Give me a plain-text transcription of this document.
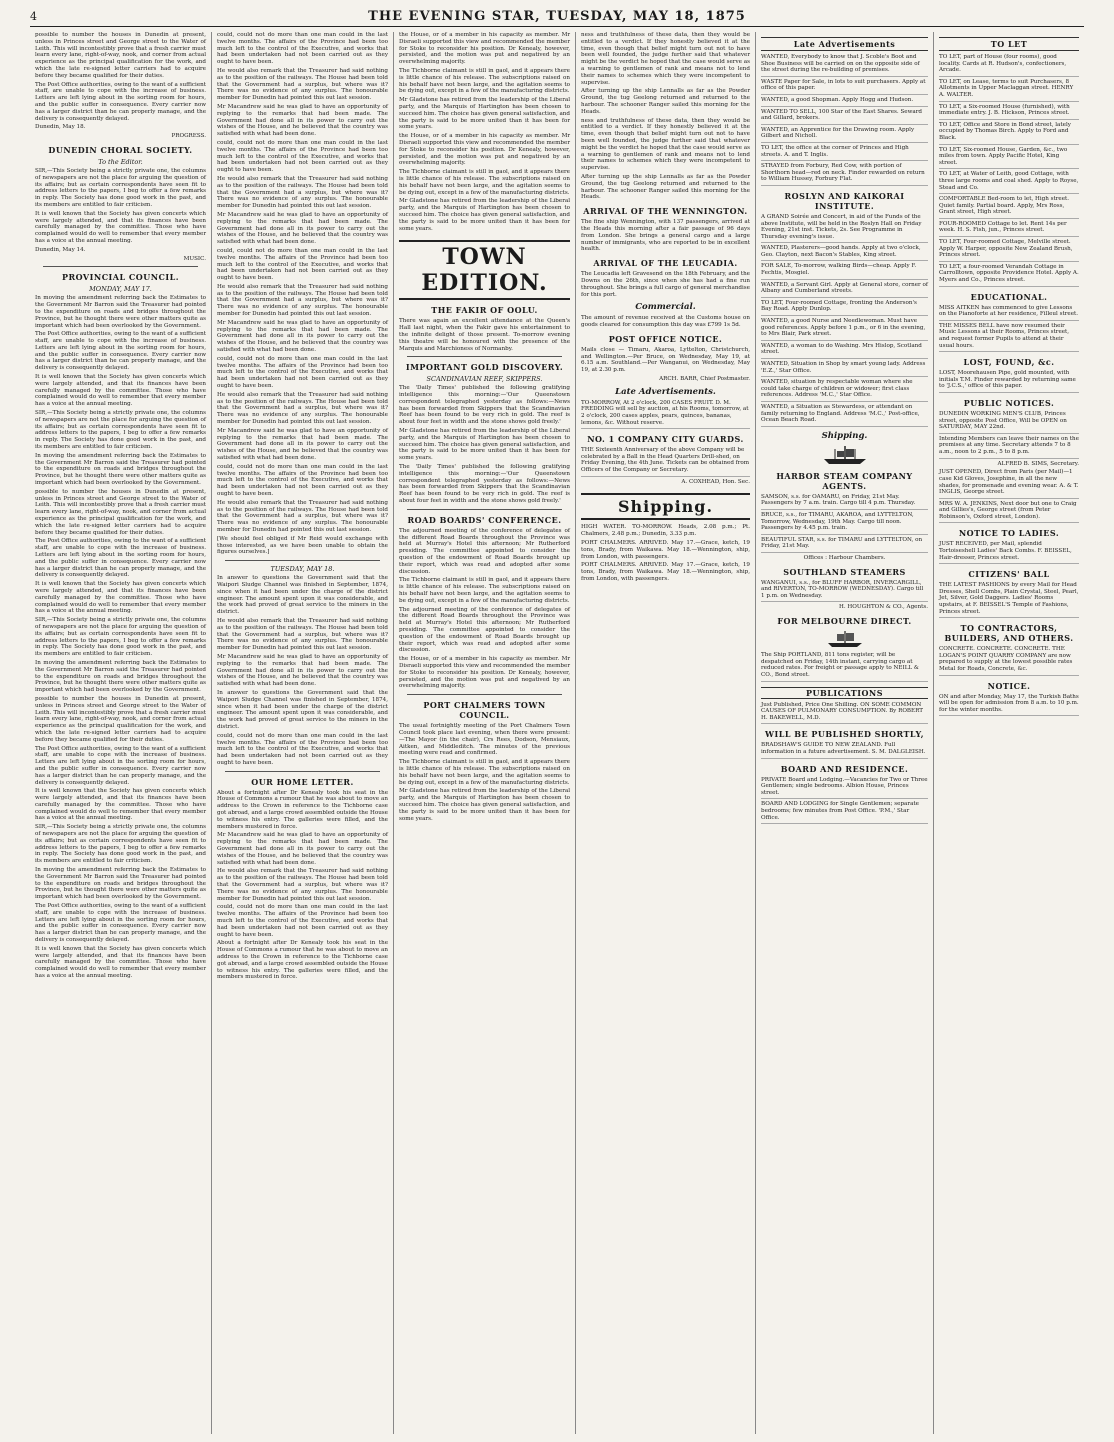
4	THE EVENING STAR, TUESDAY, MAY 18, 1875

possible to number the houses in Dunedin at present, unless in Princes street and George street to the Water of Leith. This will incontestibly prove that a fresh carrier must learn every lane, right-of-way, nook, and corner from actual experience as the principal qualification for the work, and which the late re-signed letter carriers had to acquire before they became qualified for their duties.

The Post Office authorities, owing to the want of a sufficient staff, are unable to cope with the increase of business. Letters are left lying about in the sorting room for hours, and the public suffer in consequence. Every carrier now has a larger district than he can properly manage, and the delivery is consequently delayed.

Dunedin, May 18.

PROGRESS.

DUNEDIN CHORAL SOCIETY.
To the Editor.

SIR,—This Society being a strictly private one, the columns of newspapers are not the place for arguing the question of its affairs; but as certain correspondents have seen fit to address letters to the papers, I beg to offer a few remarks in reply. The Society has done good work in the past, and its members are entitled to fair criticism.

It is well known that the Society has given concerts which were largely attended, and that its finances have been carefully managed by the committee. Those who have complained would do well to remember that every member has a voice at the annual meeting.

Dunedin, May 14.

MUSIC.

PROVINCIAL COUNCIL.
MONDAY, MAY 17.

In moving the amendment referring back the Estimates to the Government Mr Barron said the Treasurer had pointed to the expenditure on roads and bridges throughout the Province, but he thought there were other matters quite as important which had been overlooked by the Government.

The Post Office authorities, owing to the want of a sufficient staff, are unable to cope with the increase of business. Letters are left lying about in the sorting room for hours, and the public suffer in consequence. Every carrier now has a larger district than he can properly manage, and the delivery is consequently delayed.

It is well known that the Society has given concerts which were largely attended, and that its finances have been carefully managed by the committee. Those who have complained would do well to remember that every member has a voice at the annual meeting.

SIR,—This Society being a strictly private one, the columns of newspapers are not the place for arguing the question of its affairs; but as certain correspondents have seen fit to address letters to the papers, I beg to offer a few remarks in reply. The Society has done good work in the past, and its members are entitled to fair criticism.

In moving the amendment referring back the Estimates to the Government Mr Barron said the Treasurer had pointed to the expenditure on roads and bridges throughout the Province, but he thought there were other matters quite as important which had been overlooked by the Government.

possible to number the houses in Dunedin at present, unless in Princes street and George street to the Water of Leith. This will incontestibly prove that a fresh carrier must learn every lane, right-of-way, nook, and corner from actual experience as the principal qualification for the work, and which the late re-signed letter carriers had to acquire before they became qualified for their duties.

The Post Office authorities, owing to the want of a sufficient staff, are unable to cope with the increase of business. Letters are left lying about in the sorting room for hours, and the public suffer in consequence. Every carrier now has a larger district than he can properly manage, and the delivery is consequently delayed.

It is well known that the Society has given concerts which were largely attended, and that its finances have been carefully managed by the committee. Those who have complained would do well to remember that every member has a voice at the annual meeting.

SIR,—This Society being a strictly private one, the columns of newspapers are not the place for arguing the question of its affairs; but as certain correspondents have seen fit to address letters to the papers, I beg to offer a few remarks in reply. The Society has done good work in the past, and its members are entitled to fair criticism.

In moving the amendment referring back the Estimates to the Government Mr Barron said the Treasurer had pointed to the expenditure on roads and bridges throughout the Province, but he thought there were other matters quite as important which had been overlooked by the Government.

possible to number the houses in Dunedin at present, unless in Princes street and George street to the Water of Leith. This will incontestibly prove that a fresh carrier must learn every lane, right-of-way, nook, and corner from actual experience as the principal qualification for the work, and which the late re-signed letter carriers had to acquire before they became qualified for their duties.

The Post Office authorities, owing to the want of a sufficient staff, are unable to cope with the increase of business. Letters are left lying about in the sorting room for hours, and the public suffer in consequence. Every carrier now has a larger district than he can properly manage, and the delivery is consequently delayed.

It is well known that the Society has given concerts which were largely attended, and that its finances have been carefully managed by the committee. Those who have complained would do well to remember that every member has a voice at the annual meeting.

SIR,—This Society being a strictly private one, the columns of newspapers are not the place for arguing the question of its affairs; but as certain correspondents have seen fit to address letters to the papers, I beg to offer a few remarks in reply. The Society has done good work in the past, and its members are entitled to fair criticism.

In moving the amendment referring back the Estimates to the Government Mr Barron said the Treasurer had pointed to the expenditure on roads and bridges throughout the Province, but he thought there were other matters quite as important which had been overlooked by the Government.

The Post Office authorities, owing to the want of a sufficient staff, are unable to cope with the increase of business. Letters are left lying about in the sorting room for hours, and the public suffer in consequence. Every carrier now has a larger district than he can properly manage, and the delivery is consequently delayed.

It is well known that the Society has given concerts which were largely attended, and that its finances have been carefully managed by the committee. Those who have complained would do well to remember that every member has a voice at the annual meeting.

could, could not do more than one man could in the last twelve months. The affairs of the Province had been too much left to the control of the Executive, and works that had been undertaken had not been carried out as they ought to have been.

He would also remark that the Treasurer had said nothing as to the position of the railways. The House had been told that the Government had a surplus, but where was it? There was no evidence of any surplus. The honourable member for Dunedin had pointed this out last session.

Mr Macandrew said he was glad to have an opportunity of replying to the remarks that had been made. The Government had done all in its power to carry out the wishes of the House, and he believed that the country was satisfied with what had been done.

could, could not do more than one man could in the last twelve months. The affairs of the Province had been too much left to the control of the Executive, and works that had been undertaken had not been carried out as they ought to have been.

He would also remark that the Treasurer had said nothing as to the position of the railways. The House had been told that the Government had a surplus, but where was it? There was no evidence of any surplus. The honourable member for Dunedin had pointed this out last session.

Mr Macandrew said he was glad to have an opportunity of replying to the remarks that had been made. The Government had done all in its power to carry out the wishes of the House, and he believed that the country was satisfied with what had been done.

could, could not do more than one man could in the last twelve months. The affairs of the Province had been too much left to the control of the Executive, and works that had been undertaken had not been carried out as they ought to have been.

He would also remark that the Treasurer had said nothing as to the position of the railways. The House had been told that the Government had a surplus, but where was it? There was no evidence of any surplus. The honourable member for Dunedin had pointed this out last session.

Mr Macandrew said he was glad to have an opportunity of replying to the remarks that had been made. The Government had done all in its power to carry out the wishes of the House, and he believed that the country was satisfied with what had been done.

could, could not do more than one man could in the last twelve months. The affairs of the Province had been too much left to the control of the Executive, and works that had been undertaken had not been carried out as they ought to have been.

He would also remark that the Treasurer had said nothing as to the position of the railways. The House had been told that the Government had a surplus, but where was it? There was no evidence of any surplus. The honourable member for Dunedin had pointed this out last session.

Mr Macandrew said he was glad to have an opportunity of replying to the remarks that had been made. The Government had done all in its power to carry out the wishes of the House, and he believed that the country was satisfied with what had been done.

could, could not do more than one man could in the last twelve months. The affairs of the Province had been too much left to the control of the Executive, and works that had been undertaken had not been carried out as they ought to have been.

He would also remark that the Treasurer had said nothing as to the position of the railways. The House had been told that the Government had a surplus, but where was it? There was no evidence of any surplus. The honourable member for Dunedin had pointed this out last session.

[We should feel obliged if Mr Reid would exchange with those interested, as we have been unable to obtain the figures ourselves.]

TUESDAY, MAY 18.

In answer to questions the Government said that the Waipori Sludge Channel was finished in September, 1874, since when it had been under the charge of the district engineer. The amount spent upon it was considerable, and the work had proved of great service to the miners in the district.

He would also remark that the Treasurer had said nothing as to the position of the railways. The House had been told that the Government had a surplus, but where was it? There was no evidence of any surplus. The honourable member for Dunedin had pointed this out last session.

Mr Macandrew said he was glad to have an opportunity of replying to the remarks that had been made. The Government had done all in its power to carry out the wishes of the House, and he believed that the country was satisfied with what had been done.

In answer to questions the Government said that the Waipori Sludge Channel was finished in September, 1874, since when it had been under the charge of the district engineer. The amount spent upon it was considerable, and the work had proved of great service to the miners in the district.

could, could not do more than one man could in the last twelve months. The affairs of the Province had been too much left to the control of the Executive, and works that had been undertaken had not been carried out as they ought to have been.

OUR HOME LETTER.

About a fortnight after Dr Kenealy took his seat in the House of Commons a rumour that he was about to move an address to the Crown in reference to the Tichborne case got abroad, and a large crowd assembled outside the House to witness his entry. The galleries were filled, and the members mustered in force.

Mr Macandrew said he was glad to have an opportunity of replying to the remarks that had been made. The Government had done all in its power to carry out the wishes of the House, and he believed that the country was satisfied with what had been done.

He would also remark that the Treasurer had said nothing as to the position of the railways. The House had been told that the Government had a surplus, but where was it? There was no evidence of any surplus. The honourable member for Dunedin had pointed this out last session.

could, could not do more than one man could in the last twelve months. The affairs of the Province had been too much left to the control of the Executive, and works that had been undertaken had not been carried out as they ought to have been.

About a fortnight after Dr Kenealy took his seat in the House of Commons a rumour that he was about to move an address to the Crown in reference to the Tichborne case got abroad, and a large crowd assembled outside the House to witness his entry. The galleries were filled, and the members mustered in force.

the House, or of a member in his capacity as member. Mr Disraeli supported this view and recommended the member for Stoke to reconsider his position. Dr Kenealy, however, persisted, and the motion was put and negatived by an overwhelming majority.

The Tichborne claimant is still in gaol, and it appears there is little chance of his release. The subscriptions raised on his behalf have not been large, and the agitation seems to be dying out, except in a few of the manufacturing districts.

Mr Gladstone has retired from the leadership of the Liberal party, and the Marquis of Hartington has been chosen to succeed him. The choice has given general satisfaction, and the party is said to be more united than it has been for some years.

the House, or of a member in his capacity as member. Mr Disraeli supported this view and recommended the member for Stoke to reconsider his position. Dr Kenealy, however, persisted, and the motion was put and negatived by an overwhelming majority.

The Tichborne claimant is still in gaol, and it appears there is little chance of his release. The subscriptions raised on his behalf have not been large, and the agitation seems to be dying out, except in a few of the manufacturing districts.

Mr Gladstone has retired from the leadership of the Liberal party, and the Marquis of Hartington has been chosen to succeed him. The choice has given general satisfaction, and the party is said to be more united than it has been for some years.

TOWN EDITION.
THE FAKIR OF OOLU.

There was again an excellent attendance at the Queen's Hall last night, when the Fakir gave his entertainment to the infinite delight of those present. To-morrow evening this theatre will be honoured with the presence of the Marquis and Marchioness of Normanby.

IMPORTANT GOLD DISCOVERY.
SCANDINAVIAN REEF, SKIPPERS.

The 'Daily Times' published the following gratifying intelligence this morning:—'Our Queenstown correspondent telegraphed yesterday as follows:—News has been forwarded from Skippers that the Scandinavian Reef has been found to be very rich in gold. The reef is about four feet in width and the stone shows gold freely.'

Mr Gladstone has retired from the leadership of the Liberal party, and the Marquis of Hartington has been chosen to succeed him. The choice has given general satisfaction, and the party is said to be more united than it has been for some years.

The 'Daily Times' published the following gratifying intelligence this morning:—'Our Queenstown correspondent telegraphed yesterday as follows:—News has been forwarded from Skippers that the Scandinavian Reef has been found to be very rich in gold. The reef is about four feet in width and the stone shows gold freely.'

ROAD BOARDS' CONFERENCE.

The adjourned meeting of the conference of delegates of the different Road Boards throughout the Province was held at Murray's Hotel this afternoon; Mr Rutherford presiding. The committee appointed to consider the question of the endowment of Road Boards brought up their report, which was read and adopted after some discussion.

The Tichborne claimant is still in gaol, and it appears there is little chance of his release. The subscriptions raised on his behalf have not been large, and the agitation seems to be dying out, except in a few of the manufacturing districts.

The adjourned meeting of the conference of delegates of the different Road Boards throughout the Province was held at Murray's Hotel this afternoon; Mr Rutherford presiding. The committee appointed to consider the question of the endowment of Road Boards brought up their report, which was read and adopted after some discussion.

the House, or of a member in his capacity as member. Mr Disraeli supported this view and recommended the member for Stoke to reconsider his position. Dr Kenealy, however, persisted, and the motion was put and negatived by an overwhelming majority.

PORT CHALMERS TOWN COUNCIL.

The usual fortnightly meeting of the Port Chalmers Town Council took place last evening, when there were present:—The Mayor (in the chair), Crs Rees, Dodson, Mensiaux, Aitken, and Middleditch. The minutes of the previous meeting were read and confirmed.

The Tichborne claimant is still in gaol, and it appears there is little chance of his release. The subscriptions raised on his behalf have not been large, and the agitation seems to be dying out, except in a few of the manufacturing districts.

Mr Gladstone has retired from the leadership of the Liberal party, and the Marquis of Hartington has been chosen to succeed him. The choice has given general satisfaction, and the party is said to be more united than it has been for some years.

ness and truthfulness of these data, then they would be entitled to a verdict. If they honestly believed it at the time, even though that belief might turn out not to have been well founded, the judge further said that whatever might be the verdict he hoped that the case would serve as a warning to gentlemen of rank and means not to lend their names to schemes which they were incompetent to supervise.

After turning up the ship Lennalls as far as the Powder Ground, the tug Geelong returned and returned to the harbour. The schooner Ranger sailed this morning for the Heads.

ness and truthfulness of these data, then they would be entitled to a verdict. If they honestly believed it at the time, even though that belief might turn out not to have been well founded, the judge further said that whatever might be the verdict he hoped that the case would serve as a warning to gentlemen of rank and means not to lend their names to schemes which they were incompetent to supervise.

After turning up the ship Lennalls as far as the Powder Ground, the tug Geelong returned and returned to the harbour. The schooner Ranger sailed this morning for the Heads.

ARRIVAL OF THE WENNINGTON.

The fine ship Wennington, with 137 passengers, arrived at the Heads this morning after a fair passage of 96 days from London. She brings a general cargo and a large number of immigrants, who are reported to be in excellent health.

ARRIVAL OF THE LEUCADIA.

The Leucadia left Gravesend on the 18th February, and the Downs on the 26th, since when she has had a fine run throughout. She brings a full cargo of general merchandise for this port.

Commercial.

The amount of revenue received at the Customs house on goods cleared for consumption this day was £799 1s 5d.

POST OFFICE NOTICE.

Mails close — Timaru, Akaroa, Lyttelton, Christchurch, and Wellington.—Per Bruce, on Wednesday, May 19, at 6.15 a.m. Southland.—Per Wanganui, on Wednesday, May 19, at 2.30 p.m.

ARCH. BARR, Chief Postmaster.

Late Advertisements.

TO-MORROW, At 2 o'clock, 200 CASES FRUIT. D. M. FREDDING will sell by auction, at his Rooms, tomorrow, at 2 o'clock, 200 cases apples, pears, quinces, bananas, lemons, &c. Without reserve.

NO. 1 COMPANY CITY GUARDS.

THE Sixteenth Anniversary of the above Company will be celebrated by a Ball in the Head Quarters Drill-shed, on Friday Evening, the 4th June. Tickets can be obtained from Officers of the Company or Secretary.

A. COXHEAD, Hon. Sec.

Shipping.

HIGH WATER. TO-MORROW. Heads, 2.08 p.m.; Pt. Chalmers, 2.48 p.m.; Dunedin, 3.33 p.m.

PORT CHALMERS. ARRIVED. May 17.—Grace, ketch, 19 tons, Brady, from Waikawa. May 18.—Wennington, ship, from London, with passengers.

PORT CHALMERS. ARRIVED. May 17.—Grace, ketch, 19 tons, Brady, from Waikawa. May 18.—Wennington, ship, from London, with passengers.

Late Advertisements

WANTED, Everybody to know that J. Scoble's Boot and Shoe Business will be carried on on the opposite side of the street during the re-building of premises.

WASTE Paper for Sale, in lots to suit purchasers. Apply at office of this paper.

WANTED, a good Shopman. Apply Hogg and Hudson.

WANTED TO SELL, 100 Star of the East Shares. Seward and Gillard, brokers.

WANTED, an Apprentice for the Drawing room. Apply Gilbert and Nicholl.

TO LET, the office at the corner of Princes and High streets. A. and T. Inglis.

STRAYED from Forbury, Red Cow, with portion of Shorthorn head—red on neck. Finder rewarded on return to William Hussey, Forbury Flat.

ROSLYN AND KAIKORAI INSTITUTE.

A GRAND Soirée and Concert, in aid of the Funds of the above Institute, will be held in the Roslyn Hall on Friday Evening, 21st inst. Tickets, 2s. See Programme in Thursday evening's issue.

WANTED, Plasterers—good hands. Apply at two o'clock, Geo. Clayton, next Bacon's Stables, King street.

FOR SALE, To-morrow, walking Birds—cheap. Apply F. Fechtis, Mosgiel.

WANTED, a Servant Girl. Apply at General store, corner of Albany and Cumberland streets.

TO LET, Four-roomed Cottage, fronting the Anderson's Bay Road. Apply Dunlop.

WANTED, a good Nurse and Needlewoman. Must have good references. Apply before 1 p.m., or 6 in the evening, to Mrs Blair, Park street.

WANTED, a woman to do Washing. Mrs Hislop, Scotland street.

WANTED, Situation in Shop by smart young lady. Address 'E.Z.,' Star Office.

WANTED, situation by respectable woman where she could take charge of children or widower; first class references. Address 'M.C.,' Star Office.

WANTED, a Situation as Stewardess, or attendant on family returning to England. Address 'M.C.,' Post-office, Ocean Beach Road.

Shipping.
HARBOR STEAM COMPANY AGENTS.

SAMSON, s.s. for OAMARU, on Friday, 21st May. Passengers by 7 a.m. train. Cargo till 4 p.m. Thursday.

BRUCE, s.s., for TIMARU, AKAROA, and LYTTELTON, Tomorrow, Wednesday, 19th May. Cargo till noon. Passengers by 4.45 p.m. train.

BEAUTIFUL STAR, s.s. for TIMARU and LYTTELTON, on Friday, 21st May.

Offices : Harbour Chambers.

SOUTHLAND STEAMERS

WANGANUI, s.s., for BLUFF HARBOR, INVERCARGILL, and RIVERTON, TO-MORROW (WEDNESDAY). Cargo till 1 p.m. on Wednesday.

H. HOUGHTON & CO., Agents.

FOR MELBOURNE DIRECT.

The Ship PORTLAND, 811 tons register, will be despatched on Friday, 14th instant, carrying cargo at reduced rates. For freight or passage apply to NEILL & CO., Bond street.

PUBLICATIONS

Just Published, Price One Shilling. ON SOME COMMON CAUSES OF PULMONARY CONSUMPTION. By ROBERT H. BAKEWELL, M.D.

WILL BE PUBLISHED SHORTLY,

BRADSHAW'S GUIDE TO NEW ZEALAND. Full information in a future advertisement. S. M. DALGLEISH.

BOARD AND RESIDENCE.

PRIVATE Board and Lodging.—Vacancies for Two or Three Gentlemen; single bedrooms. Albion House, Princes street.

BOARD AND LODGING for Single Gentlemen; separate bedrooms; few minutes from Post Office. 'P.M.,' Star Office.

TO LET

TO LET, part of House (four rooms), good locality. Cards at R. Hudson's, confectioners, Arcade.

TO LET, on Lease, terms to suit Purchasers, 8 Allotments in Upper Maclaggan street. HENRY A. WALTER.

TO LET, a Six-roomed House (furnished), with immediate entry. J. B. Hickson, Princes street.

TO LET, Office and Store in Bond street, lately occupied by Thomas Birch. Apply to Ford and Black.

TO LET, Six-roomed House, Garden, &c., two miles from town. Apply Pacific Hotel, King street.

TO LET, at Water of Leith, good Cottage, with three large rooms and coal shed. Apply to Royse, Stead and Co.

COMFORTABLE Bed-room to let, High street. Quiet family. Partial board. Apply, Mrs Ross, Grant street, High street.

FOUR-ROOMED Cottage to let. Rent 14s per week. H. S. Fish, jun., Princes street.

TO LET, Four-roomed Cottage, Melville street. Apply W. Harper, opposite New Zealand Brush, Princes street.

TO LET, a four-roomed Verandah Cottage in Carrolltown, opposite Providence Hotel. Apply A. Myers and Co., Princes street.

EDUCATIONAL.

MISS AITKEN has commenced to give Lessons on the Pianoforte at her residence, Filleul street.

THE MISSES BELL have now resumed their Music Lessons at their Rooms, Princes street, and request former Pupils to attend at their usual hours.

LOST, FOUND, &c.

LOST, Moorehausen Pipe, gold mounted, with initials T.M. Finder rewarded by returning same to 'J.C.S.,' office of this paper.

PUBLIC NOTICES.

DUNEDIN WORKING MEN'S CLUB, Princes street, opposite Post Office, Will be OPEN on SATURDAY, MAY 22nd.

Intending Members can leave their names on the premises at any time. Secretary attends 7 to 8 a.m., noon to 2 p.m., 5 to 8 p.m.

ALFRED B. SIMS, Secretary.

JUST OPENED, Direct from Paris (per Mail)—1 case Kid Gloves, Josephine, in all the new shades, for promenade and evening wear. A. & T. INGLIS, George street.

MRS W. A. JENKINS, Next door but one to Craig and Gillies's, George street (from Peter Robinson's, Oxford street, London).

NOTICE TO LADIES.

JUST RECEIVED, per Mail, splendid Tortoiseshell Ladies' Back Combs. F. BEISSEL, Hair-dresser, Princes street.

CITIZENS' BALL

THE LATEST FASHIONS by every Mail for Head Dresses, Shell Combs, Plain Crystal, Steel, Pearl, Jet, Silver, Gold Daggers. Ladies' Rooms upstairs, at F. BEISSEL'S Temple of Fashions, Princes street.

TO CONTRACTORS, BUILDERS, AND OTHERS.

CONCRETE. CONCRETE. CONCRETE. THE LOGAN'S POINT QUARRY COMPANY are now prepared to supply at the lowest possible rates Metal for Roads, Concrete, &c.

NOTICE.

ON and after Monday, May 17, the Turkish Baths will be open for admission from 8 a.m. to 10 p.m. for the winter months.
